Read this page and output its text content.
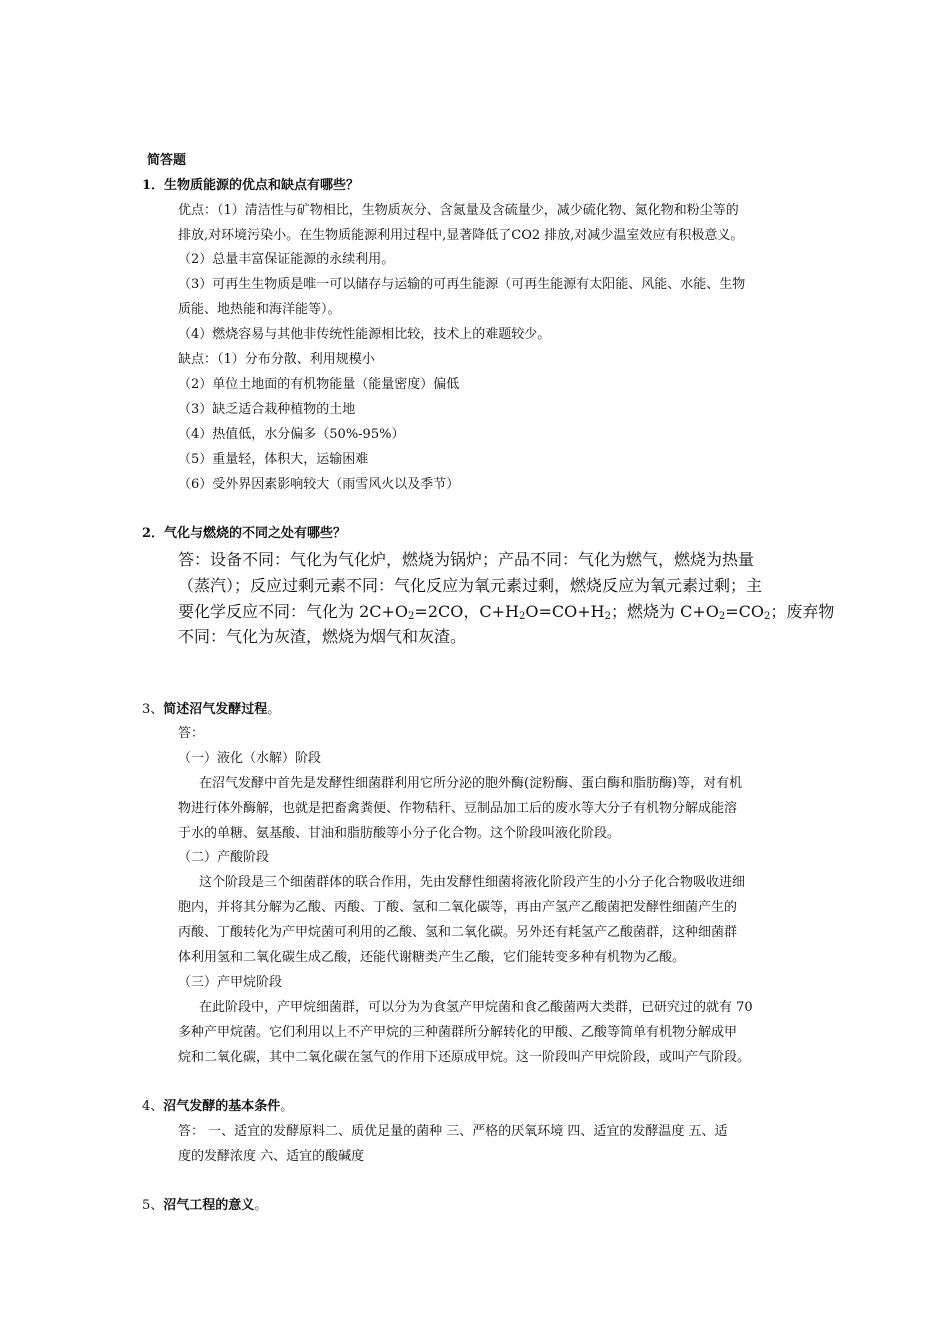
简答题
1．生物质能源的优点和缺点有哪些？
优点：（1）清洁性与矿物相比，生物质灰分、含氮量及含硫量少，减少硫化物、氮化物和粉尘等的
排放,对环境污染小。在生物质能源利用过程中,显著降低了CO2 排放,对减少温室效应有积极意义。
（2）总量丰富保证能源的永续利用。
（3）可再生生物质是唯一可以储存与运输的可再生能源（可再生能源有太阳能、风能、水能、生物
质能、地热能和海洋能等）。
（4）燃烧容易与其他非传统性能源相比较，技术上的难题较少。
缺点：（1）分布分散、利用规模小
（2）单位土地面的有机物能量（能量密度）偏低
（3）缺乏适合栽种植物的土地
（4）热值低，水分偏多（50%-95%）
（5）重量轻，体积大，运输困难
（6）受外界因素影响较大（雨雪风火以及季节）
2．气化与燃烧的不同之处有哪些？
答：设备不同：气化为气化炉，燃烧为锅炉；产品不同：气化为燃气，燃烧为热量
（蒸汽）；反应过剩元素不同：气化反应为氧元素过剩，燃烧反应为氧元素过剩；主
要化学反应不同：气化为 $2C+O_2=2CO$，$C+H_2O=CO+H_2$；燃烧为 $C+O_2=CO_2$；废弃物
不同：气化为灰渣，燃烧为烟气和灰渣。
3、简述沼气发酵过程。
答：
（一）液化（水解）阶段
在沼气发酵中首先是发酵性细菌群利用它所分泌的胞外酶(淀粉酶、蛋白酶和脂肪酶)等，对有机
物进行体外酶解，也就是把畜禽粪便、作物秸秆、豆制品加工后的废水等大分子有机物分解成能溶
于水的单糖、氨基酸、甘油和脂肪酸等小分子化合物。这个阶段叫液化阶段。
（二）产酸阶段
这个阶段是三个细菌群体的联合作用，先由发酵性细菌将液化阶段产生的小分子化合物吸收进细
胞内，并将其分解为乙酸、丙酸、丁酸、氢和二氧化碳等，再由产氢产乙酸菌把发酵性细菌产生的
丙酸、丁酸转化为产甲烷菌可利用的乙酸、氢和二氧化碳。另外还有耗氢产乙酸菌群，这种细菌群
体利用氢和二氧化碳生成乙酸，还能代谢糖类产生乙酸，它们能转变多种有机物为乙酸。
（三）产甲烷阶段
在此阶段中，产甲烷细菌群，可以分为为食氢产甲烷菌和食乙酸菌两大类群，已研究过的就有 70
多种产甲烷菌。它们利用以上不产甲烷的三种菌群所分解转化的甲酸、乙酸等简单有机物分解成甲
烷和二氧化碳，其中二氧化碳在氢气的作用下还原成甲烷。这一阶段叫产甲烷阶段，或叫产气阶段。
4、沼气发酵的基本条件。
答： 一、适宜的发酵原料二、质优足量的菌种 三、严格的厌氧环境 四、适宜的发酵温度 五、适
度的发酵浓度 六、适宜的酸碱度
5、沼气工程的意义。
